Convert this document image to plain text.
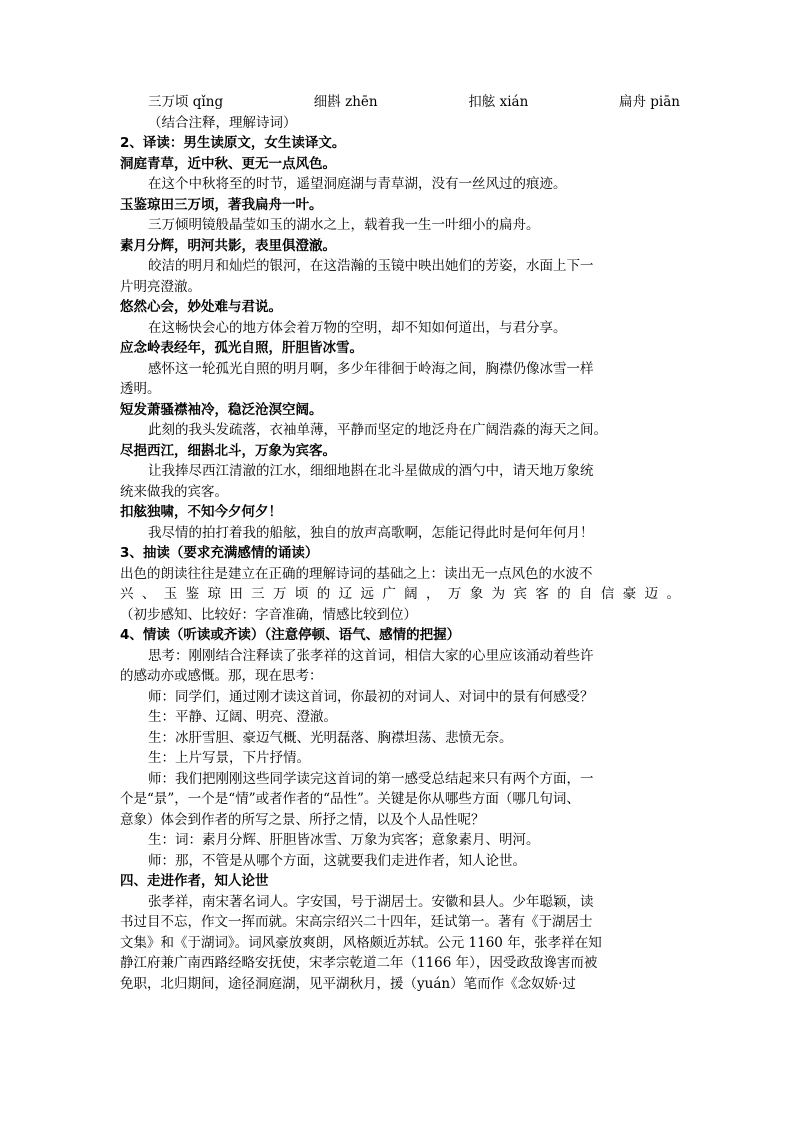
三万顷 qǐng	细斟 zhēn	扣舷 xián	扁舟 piān

（结合注释，理解诗词）

2、译读：男生读原文，女生读译文。

洞庭青草，近中秋、更无一点风色。

在这个中秋将至的时节，遥望洞庭湖与青草湖，没有一丝风过的痕迹。

玉鉴琼田三万顷，著我扁舟一叶。

三万倾明镜般晶莹如玉的湖水之上，载着我一生一叶细小的扁舟。

素月分辉，明河共影，表里俱澄澈。

皎洁的明月和灿烂的银河，在这浩瀚的玉镜中映出她们的芳姿，水面上下一

片明亮澄澈。

悠然心会，妙处难与君说。

在这畅快会心的地方体会着万物的空明，却不知如何道出，与君分享。

应念岭表经年，孤光自照，肝胆皆冰雪。

感怀这一轮孤光自照的明月啊，多少年徘徊于岭海之间，胸襟仍像冰雪一样

透明。

短发萧骚襟袖冷，稳泛沧溟空阔。

此刻的我头发疏落，衣袖单薄，平静而坚定的地泛舟在广阔浩淼的海天之间。

尽挹西江，细斟北斗，万象为宾客。

让我捧尽西江清澈的江水，细细地斟在北斗星做成的酒勺中，请天地万象统

统来做我的宾客。

扣舷独啸，不知今夕何夕！

我尽情的拍打着我的船舷，独自的放声高歌啊，怎能记得此时是何年何月！

3、抽读（要求充满感情的诵读）

出色的朗读往往是建立在正确的理解诗词的基础之上：读出无一点风色的水波不

兴、玉鉴琼田三万顷的辽远广阔，万象为宾客的自信豪迈。

（初步感知、比较好：字音准确，情感比较到位）

4、情读（听读或齐读）（注意停顿、语气、感情的把握）

思考：刚刚结合注释读了张孝祥的这首词，相信大家的心里应该涌动着些许

的感动亦或感慨。那，现在思考：

师：同学们，通过刚才读这首词，你最初的对词人、对词中的景有何感受？

生：平静、辽阔、明亮、澄澈。

生：冰肝雪胆、豪迈气概、光明磊落、胸襟坦荡、悲愤无奈。

生：上片写景，下片抒情。

师：我们把刚刚这些同学读完这首词的第一感受总结起来只有两个方面，一

个是“景”，一个是“情”或者作者的“品性”。关键是你从哪些方面（哪几句词、

意象）体会到作者的所写之景、所抒之情，以及个人品性呢？

生：词：素月分辉、肝胆皆冰雪、万象为宾客；意象素月、明河。

师：那，不管是从哪个方面，这就要我们走进作者，知人论世。

四、走进作者，知人论世

张孝祥，南宋著名词人。字安国，号于湖居士。安徽和县人。少年聪颖，读

书过目不忘，作文一挥而就。宋高宗绍兴二十四年，廷试第一。著有《于湖居士

文集》和《于湖词》。词风豪放爽朗，风格颇近苏轼。公元 1160 年，张孝祥在知

静江府兼广南西路经略安抚使，宋孝宗乾道二年（1166 年），因受政敌谗害而被

免职，北归期间，途径洞庭湖，见平湖秋月，援（yuán）笔而作《念奴娇·过
